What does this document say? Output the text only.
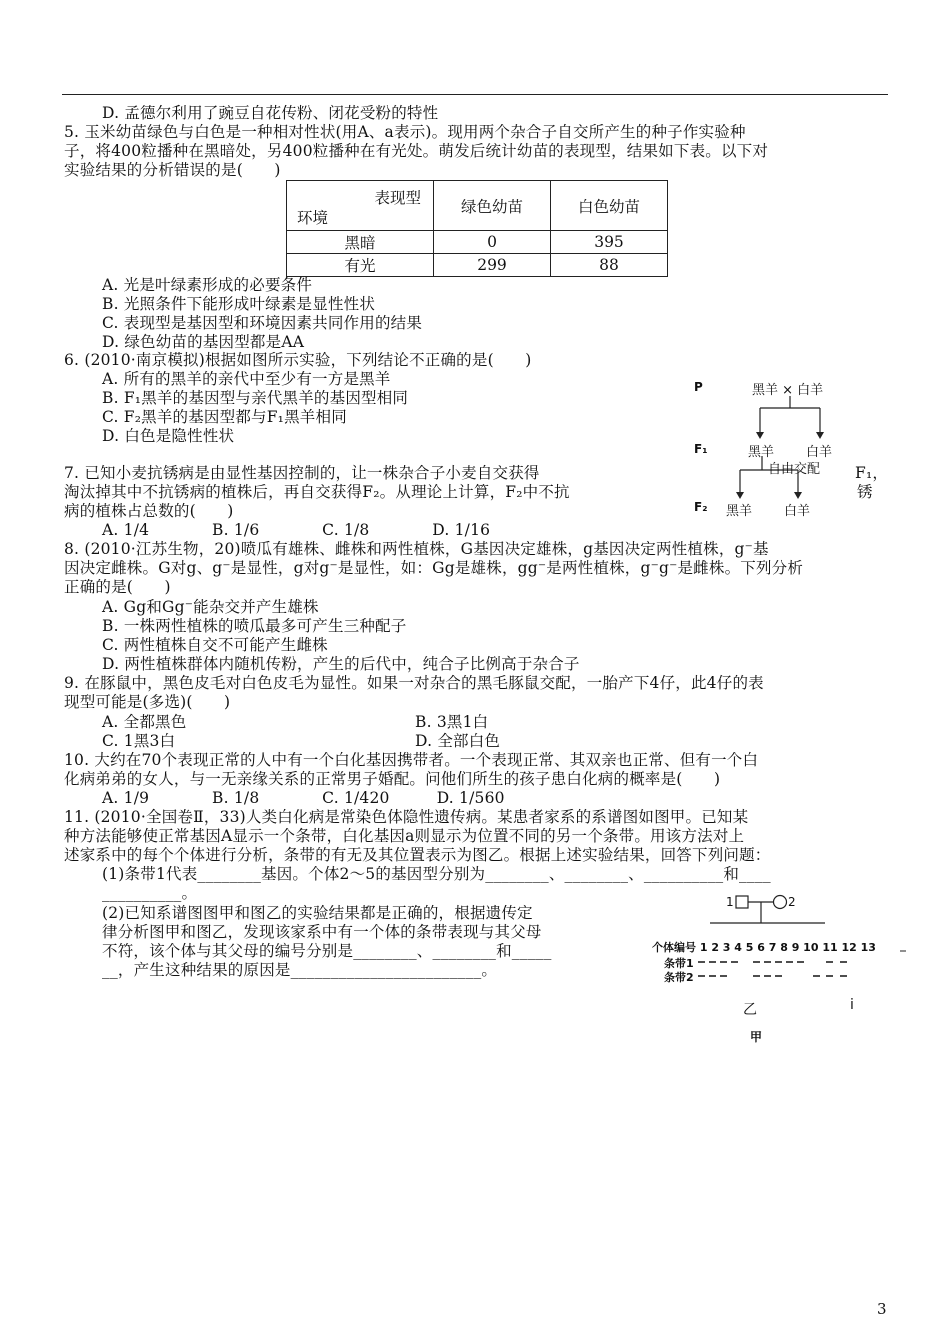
D. 孟德尔利用了豌豆自花传粉、闭花受粉的特性
5. 玉米幼苗绿色与白色是一种相对性状(用A、a表示)。现用两个杂合子自交所产生的种子作实验种
子，将400粒播种在黑暗处，另400粒播种在有光处。萌发后统计幼苗的表现型，结果如下表。以下对
实验结果的分析错误的是(　　)
表现型
环境	绿色幼苗	白色幼苗
黑暗	0	395
有光	299	88
A. 光是叶绿素形成的必要条件
B. 光照条件下能形成叶绿素是显性性状
C. 表现型是基因型和环境因素共同作用的结果
D. 绿色幼苗的基因型都是AA
6. (2010·南京模拟)根据如图所示实验，下列结论不正确的是(　　)
A. 所有的黑羊的亲代中至少有一方是黑羊
B. F₁黑羊的基因型与亲代黑羊的基因型相同
C. F₂黑羊的基因型都与F₁黑羊相同
D. 白色是隐性性状
P
F₁
F₂
黑羊 × 白羊
黑羊 白羊
自由交配
黑羊 白羊
7. 已知小麦抗锈病是由显性基因控制的，让一株杂合子小麦自交获得	F₁，
淘汰掉其中不抗锈病的植株后，再自交获得F₂。从理论上计算，F₂中不抗	锈
病的植株占总数的(　　)
A. 1/4　　　　B. 1/6　　　　C. 1/8　　　　D. 1/16
8. (2010·江苏生物，20)喷瓜有雄株、雌株和两性植株，G基因决定雄株，g基因决定两性植株，g⁻基
因决定雌株。G对g、g⁻是显性，g对g⁻是显性，如：Gg是雄株，gg⁻是两性植株，g⁻g⁻是雌株。下列分析
正确的是(　　)
A. Gg和Gg⁻能杂交并产生雄株
B. 一株两性植株的喷瓜最多可产生三种配子
C. 两性植株自交不可能产生雌株
D. 两性植株群体内随机传粉，产生的后代中，纯合子比例高于杂合子
9. 在豚鼠中，黑色皮毛对白色皮毛为显性。如果一对杂合的黑毛豚鼠交配，一胎产下4仔，此4仔的表
现型可能是(多选)(　　)
A. 全都黑色	B. 3黑1白
C. 1黑3白	D. 全部白色
10. 大约在70个表现正常的人中有一个白化基因携带者。一个表现正常、其双亲也正常、但有一个白
化病弟弟的女人，与一无亲缘关系的正常男子婚配。问他们所生的孩子患白化病的概率是(　　)
A. 1/9　　　　B. 1/8　　　　C. 1/420　　　D. 1/560
11. (2010·全国卷Ⅱ，33)人类白化病是常染色体隐性遗传病。某患者家系的系谱图如图甲。已知某
种方法能够使正常基因A显示一个条带，白化基因a则显示为位置不同的另一个条带。用该方法对上
述家系中的每个个体进行分析，条带的有无及其位置表示为图乙。根据上述实验结果，回答下列问题：
(1)条带1代表________基因。个体2～5的基因型分别为________、________、__________和____
__________。
(2)已知系谱图图甲和图乙的实验结果都是正确的，根据遗传定
律分析图甲和图乙，发现该家系中有一个体的条带表现与其父母
不符，该个体与其父母的编号分别是________、________和_____
__，产生这种结果的原因是________________________。
1	2
个体编号 1 2 3 4 5 6 7 8 9 10 11 12 13
条带1
条带2
乙	i
甲
3
